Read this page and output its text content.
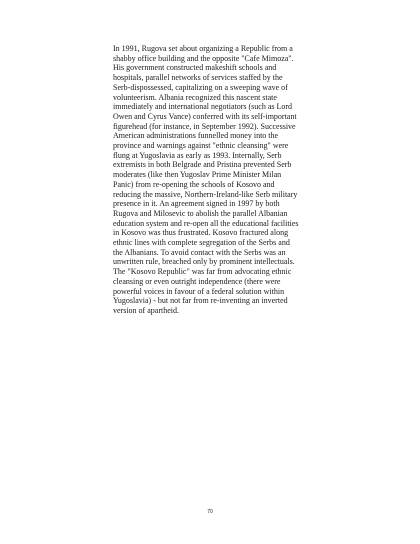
In 1991, Rugova set about organizing a Republic from a
shabby office building and the opposite "Cafe Mimoza".
His government constructed makeshift schools and
hospitals, parallel networks of services staffed by the
Serb-dispossessed, capitalizing on a sweeping wave of
volunteerism. Albania recognized this nascent state
immediately and international negotiators (such as Lord
Owen and Cyrus Vance) conferred with its self-important
figurehead (for instance, in September 1992). Successive
American administrations funnelled money into the
province and warnings against "ethnic cleansing" were
flung at Yugoslavia as early as 1993. Internally, Serb
extremists in both Belgrade and Pristina prevented Serb
moderates (like then Yugoslav Prime Minister Milan
Panic) from re-opening the schools of Kosovo and
reducing the massive, Northern-Ireland-like Serb military
presence in it. An agreement signed in 1997 by both
Rugova and Milosevic to abolish the parallel Albanian
education system and re-open all the educational facilities
in Kosovo was thus frustrated. Kosovo fractured along
ethnic lines with complete segregation of the Serbs and
the Albanians. To avoid contact with the Serbs was an
unwritten rule, breached only by prominent intellectuals.
The "Kosovo Republic" was far from advocating ethnic
cleansing or even outright independence (there were
powerful voices in favour of a federal solution within
Yugoslavia) - but not far from re-inventing an inverted
version of apartheid.

70
